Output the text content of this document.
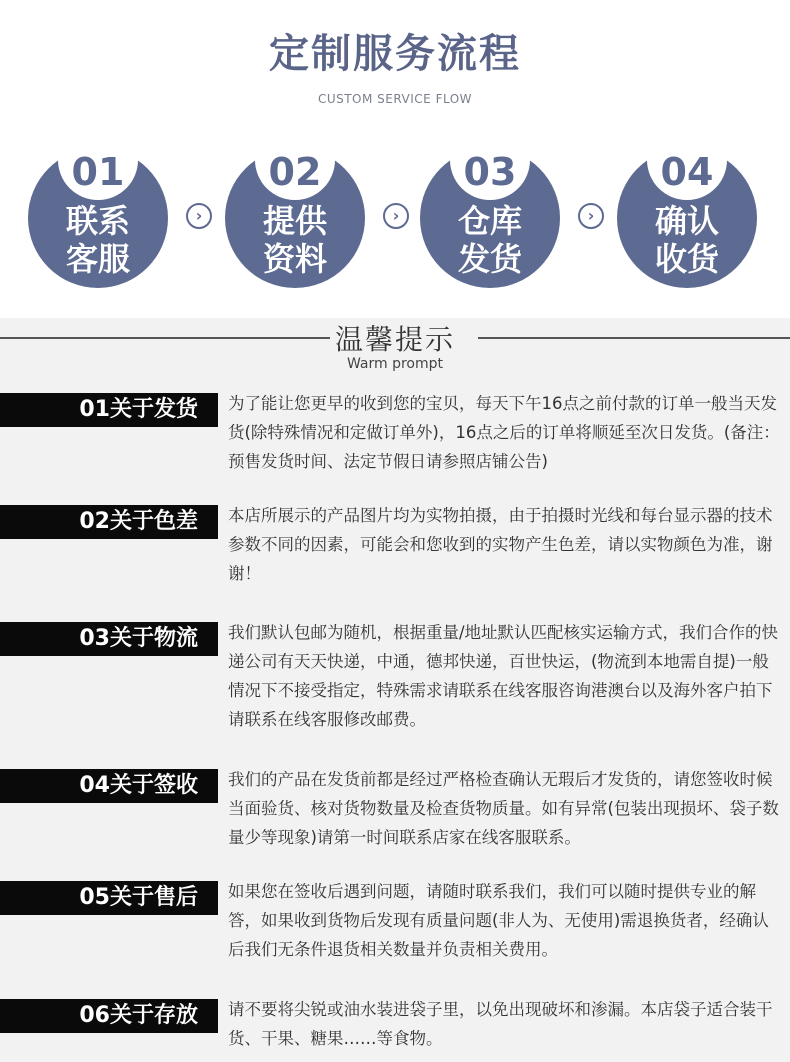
定制服务流程
CUSTOM SERVICE FLOW
01
联系
客服
›
02
提供
资料
›
03
仓库
发货
›
04
确认
收货
温馨提示
Warm prompt
01关于发货	为了能让您更早的收到您的宝贝，每天下午16点之前付款的订单一般当天发货(除特殊情况和定做订单外)，16点之后的订单将顺延至次日发货。(备注：预售发货时间、法定节假日请参照店铺公告)
02关于色差	本店所展示的产品图片均为实物拍摄，由于拍摄时光线和每台显示器的技术参数不同的因素，可能会和您收到的实物产生色差，请以实物颜色为准，谢谢！
03关于物流	我们默认包邮为随机，根据重量/地址默认匹配核实运输方式，我们合作的快递公司有天天快递，中通，德邦快递，百世快运，(物流到本地需自提)一般情况下不接受指定，特殊需求请联系在线客服咨询港澳台以及海外客户拍下请联系在线客服修改邮费。
04关于签收	我们的产品在发货前都是经过严格检查确认无瑕后才发货的，请您签收时候当面验货、核对货物数量及检查货物质量。如有异常(包装出现损坏、袋子数量少等现象)请第一时间联系店家在线客服联系。
05关于售后	如果您在签收后遇到问题，请随时联系我们，我们可以随时提供专业的解答，如果收到货物后发现有质量问题(非人为、无使用)需退换货者，经确认后我们无条件退货相关数量并负责相关费用。
06关于存放	请不要将尖锐或油水装进袋子里，以免出现破坏和渗漏。本店袋子适合装干货、干果、糖果……等食物。
